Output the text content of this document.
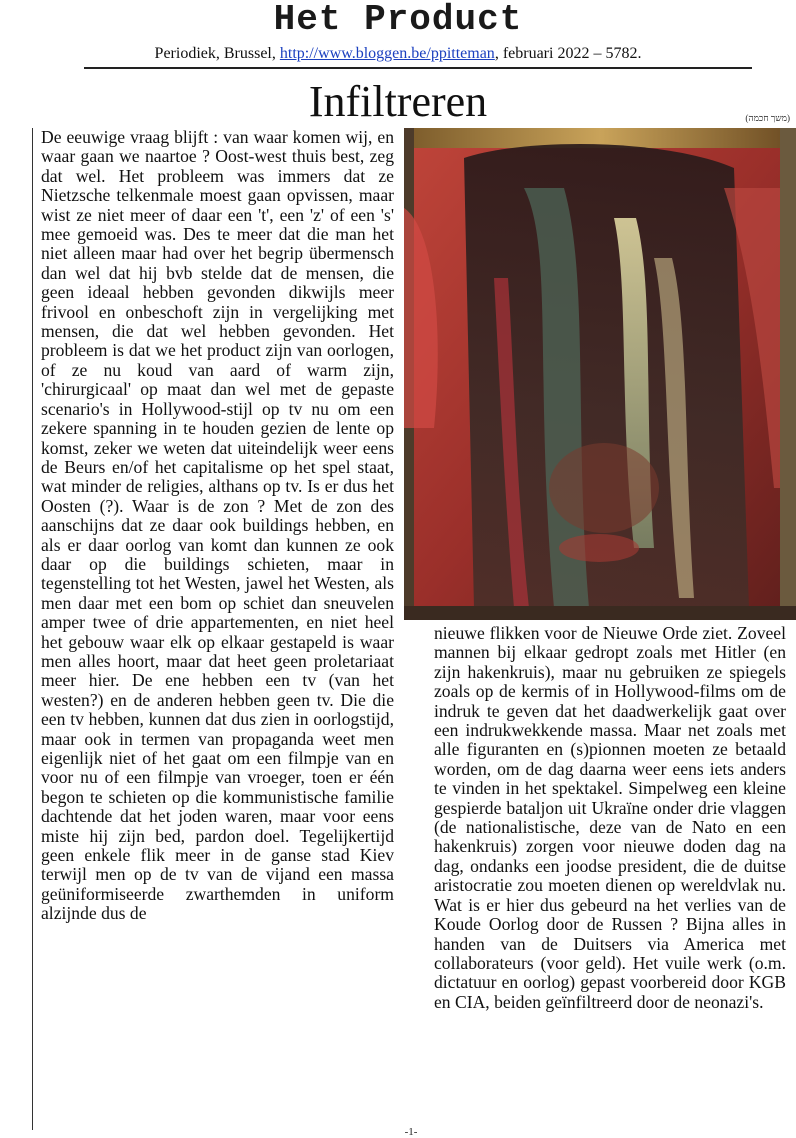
Het Product
Periodiek, Brussel, http://www.bloggen.be/ppitteman, februari 2022 – 5782.
Infiltreren	(משך חכמה)

De eeuwige vraag blijft : van waar komen wij, en waar gaan we naartoe ? Oost-west thuis best, zeg dat wel. Het probleem was immers dat ze Nietzsche telkenmale moest gaan opvissen, maar wist ze niet meer of daar een 't', een 'z' of een 's' mee gemoeid was. Des te meer dat die man het niet alleen maar had over het begrip übermensch dan wel dat hij bvb stelde dat de mensen, die geen ideaal hebben gevonden dikwijls meer frivool en onbeschoft zijn in vergelijking met mensen, die dat wel hebben gevonden. Het probleem is dat we het product zijn van oorlogen, of ze nu koud van aard of warm zijn, 'chirurgicaal' op maat dan wel met de gepaste scenario's in Hollywood-stijl op tv nu om een zekere spanning in te houden gezien de lente op komst, zeker we weten dat uiteindelijk weer eens de Beurs en/of het capitalisme op het spel staat, wat minder de religies, althans op tv. Is er dus het Oosten (?). Waar is de zon ? Met de zon des aanschijns dat ze daar ook buildings hebben, en als er daar oorlog van komt dan kunnen ze ook daar op die buildings schieten, maar in tegenstelling tot het Westen, jawel het Westen, als men daar met een bom op schiet dan sneuvelen amper twee of drie appartementen, en niet heel het gebouw waar elk op elkaar gestapeld is waar men alles hoort, maar dat heet geen proletariaat meer hier. De ene hebben een tv (van het westen?) en de anderen hebben geen tv. Die die een tv hebben, kunnen dat dus zien in oorlogstijd, maar ook in termen van propaganda weet men eigenlijk niet of het gaat om een filmpje van en voor nu of een filmpje van vroeger, toen er één begon te schieten op die kommunistische familie dachtende dat het joden waren, maar voor eens miste hij zijn bed, pardon doel. Tegelijkertijd geen enkele flik meer in de ganse stad Kiev terwijl men op de tv van de vijand een massa geüniformiseerde zwarthemden in uniform alzijnde dus de

nieuwe flikken voor de Nieuwe Orde ziet. Zoveel mannen bij elkaar gedropt zoals met Hitler (en zijn hakenkruis), maar nu gebruiken ze spiegels zoals op de kermis of in Hollywood-films om de indruk te geven dat het daadwerkelijk gaat over een indrukwekkende massa. Maar net zoals met alle figuranten en (s)pionnen moeten ze betaald worden, om de dag daarna weer eens iets anders te vinden in het spektakel. Simpelweg een kleine gespierde bataljon uit Ukraïne onder drie vlaggen (de nationalistische, deze van de Nato en een hakenkruis) zorgen voor nieuwe doden dag na dag, ondanks een joodse president, die de duitse aristocratie zou moeten dienen op wereldvlak nu. Wat is er hier dus gebeurd na het verlies van de Koude Oorlog door de Russen ? Bijna alles in handen van de Duitsers via America met collaborateurs (voor geld). Het vuile werk (o.m. dictatuur en oorlog) gepast voorbereid door KGB en CIA, beiden geïnfiltreerd door de neonazi's.

-1-
